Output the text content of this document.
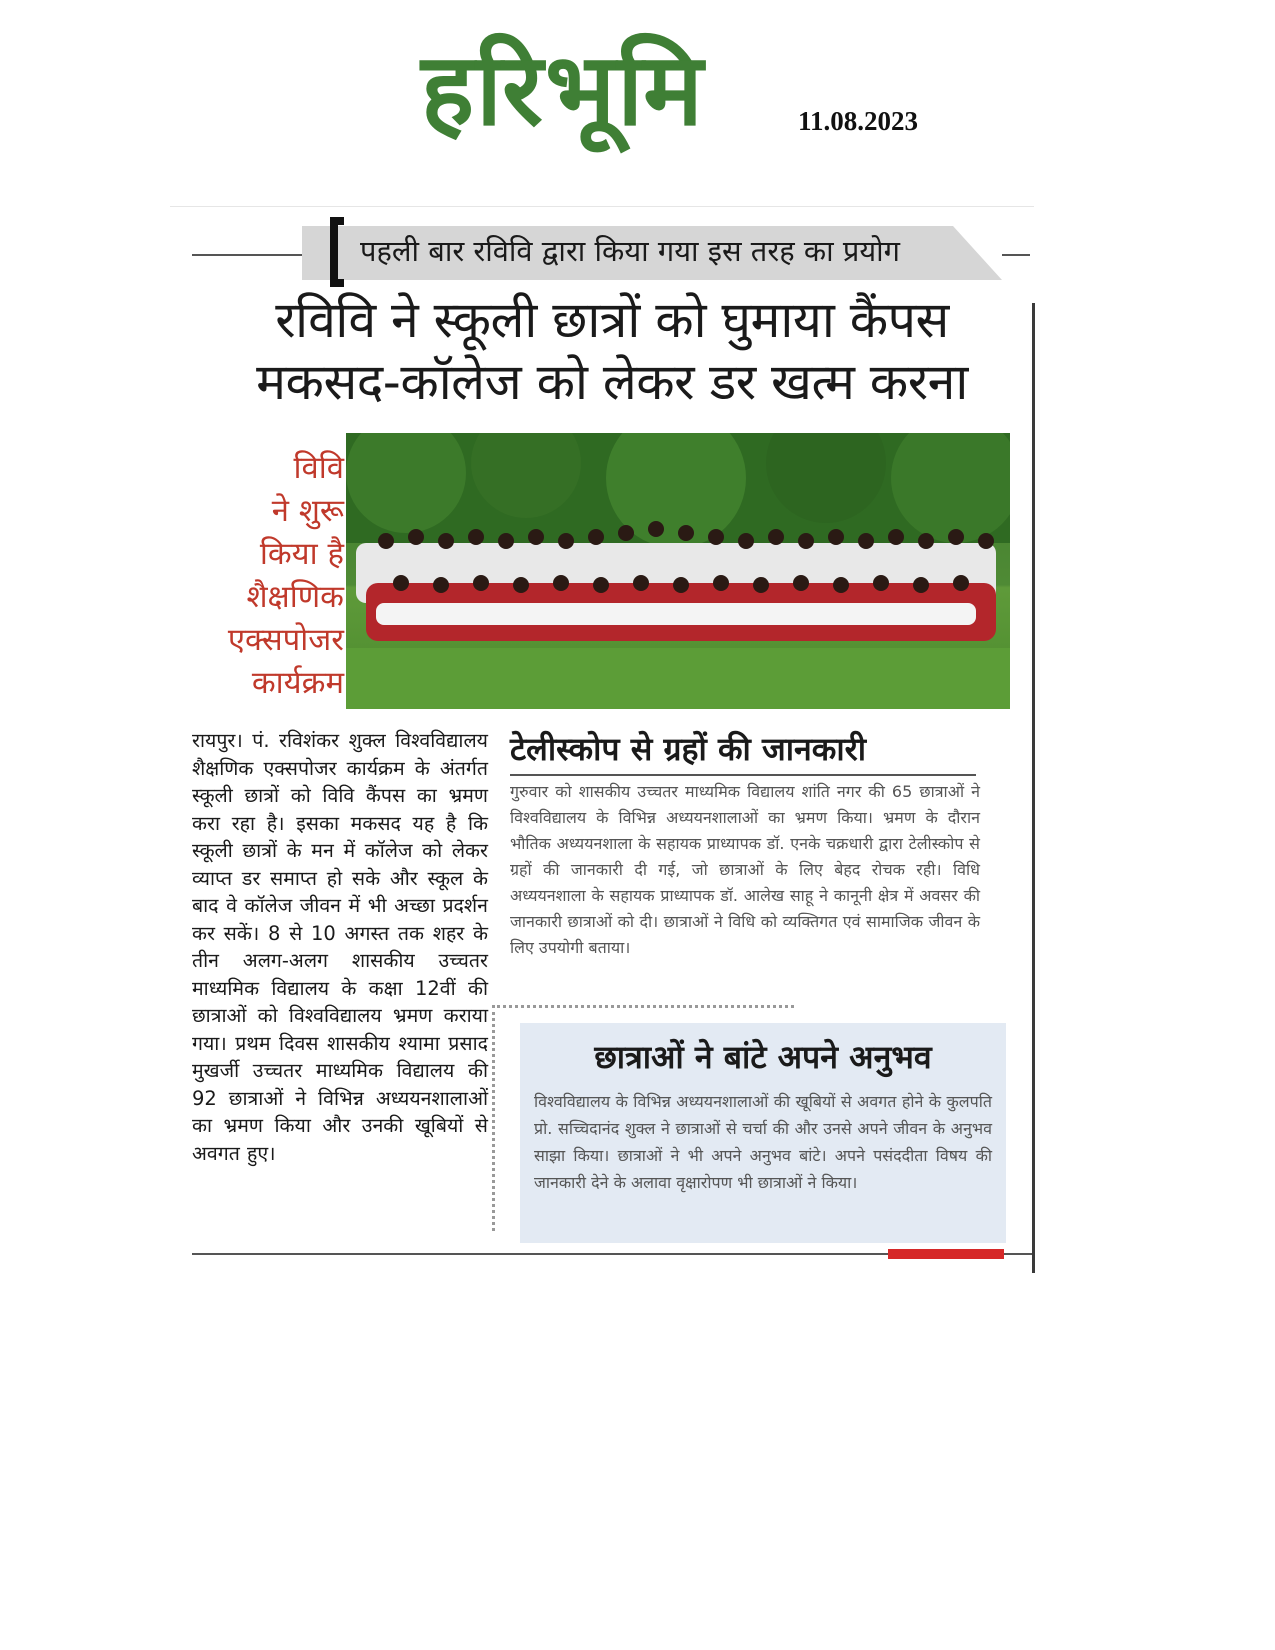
हरिभूमि	11.08.2023
पहली बार रविवि द्वारा किया गया इस तरह का प्रयोग
रविवि ने स्कूली छात्रों को घुमाया कैंपस
मकसद-कॉलेज को लेकर डर खत्म करना
विवि
ने शुरू
किया है
शैक्षणिक
एक्सपोजर
कार्यक्रम
रायपुर। पं. रविशंकर शुक्ल विश्वविद्यालय शैक्षणिक एक्सपोजर कार्यक्रम के अंतर्गत स्कूली छात्रों को विवि कैंपस का भ्रमण करा रहा है। इसका मकसद यह है कि स्कूली छात्रों के मन में कॉलेज को लेकर व्याप्त डर समाप्त हो सके और स्कूल के बाद वे कॉलेज जीवन में भी अच्छा प्रदर्शन कर सकें। 8 से 10 अगस्त तक शहर के तीन अलग-अलग शासकीय उच्चतर माध्यमिक विद्यालय के कक्षा 12वीं की छात्राओं को विश्वविद्यालय भ्रमण कराया गया। प्रथम दिवस शासकीय श्यामा प्रसाद मुखर्जी उच्चतर माध्यमिक विद्यालय की 92 छात्राओं ने विभिन्न अध्ययनशालाओं का भ्रमण किया और उनकी खूबियों से अवगत हुए।
टेलीस्कोप से ग्रहों की जानकारी
गुरुवार को शासकीय उच्चतर माध्यमिक विद्यालय शांति नगर की 65 छात्राओं ने विश्वविद्यालय के विभिन्न अध्ययनशालाओं का भ्रमण किया। भ्रमण के दौरान भौतिक अध्ययनशाला के सहायक प्राध्यापक डॉ. एनके चक्रधारी द्वारा टेलीस्कोप से ग्रहों की जानकारी दी गई, जो छात्राओं के लिए बेहद रोचक रही। विधि अध्ययनशाला के सहायक प्राध्यापक डॉ. आलेख साहू ने कानूनी क्षेत्र में अवसर की जानकारी छात्राओं को दी। छात्राओं ने विधि को व्यक्तिगत एवं सामाजिक जीवन के लिए उपयोगी बताया।
छात्राओं ने बांटे अपने अनुभव
विश्वविद्यालय के विभिन्न अध्ययनशालाओं की खूबियों से अवगत होने के कुलपति प्रो. सच्चिदानंद शुक्ल ने छात्राओं से चर्चा की और उनसे अपने जीवन के अनुभव साझा किया। छात्राओं ने भी अपने अनुभव बांटे। अपने पसंददीता विषय की जानकारी देने के अलावा वृक्षारोपण भी छात्राओं ने किया।
